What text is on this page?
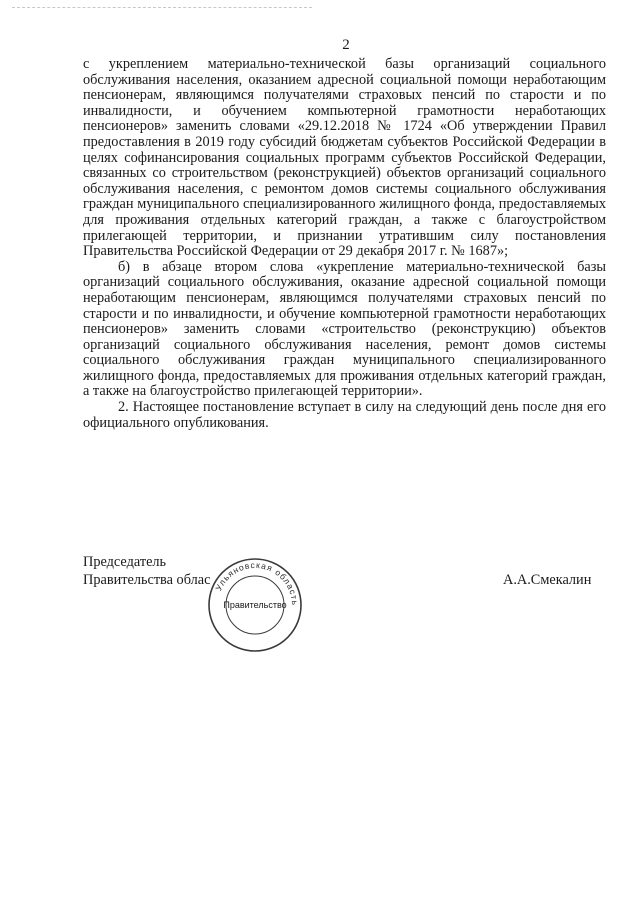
2

с укреплением материально-технической базы организаций социального обслуживания населения, оказанием адресной социальной помощи неработающим пенсионерам, являющимся получателями страховых пенсий по старости и по инвалидности, и обучением компьютерной грамотности неработающих пенсионеров» заменить словами «29.12.2018 № 1724 «Об утверждении Правил предоставления в 2019 году субсидий бюджетам субъектов Российской Федерации в целях софинансирования социальных программ субъектов Российской Федерации, связанных со строительством (реконструкцией) объектов организаций социального обслуживания населения, с ремонтом домов системы социального обслуживания граждан муниципального специализированного жилищного фонда, предоставляемых для проживания отдельных категорий граждан, а также с благоустройством прилегающей территории, и признании утратившим силу постановления Правительства Российской Федерации от 29 декабря 2017 г. № 1687»;

б) в абзаце втором слова «укрепление материально-технической базы организаций социального обслуживания, оказание адресной социальной помощи неработающим пенсионерам, являющимся получателями страховых пенсий по старости и по инвалидности, и обучение компьютерной грамотности неработающих пенсионеров» заменить словами «строительство (реконструкцию) объектов организаций социального обслуживания населения, ремонт домов системы социального обслуживания граждан муниципального специализированного жилищного фонда, предоставляемых для проживания отдельных категорий граждан, а также на благоустройство прилегающей территории».

2. Настоящее постановление вступает в силу на следующий день после дня его официального опубликования.

Председатель
Правительства облас Ульяновская область
Правительство
А.А.Смекалин
